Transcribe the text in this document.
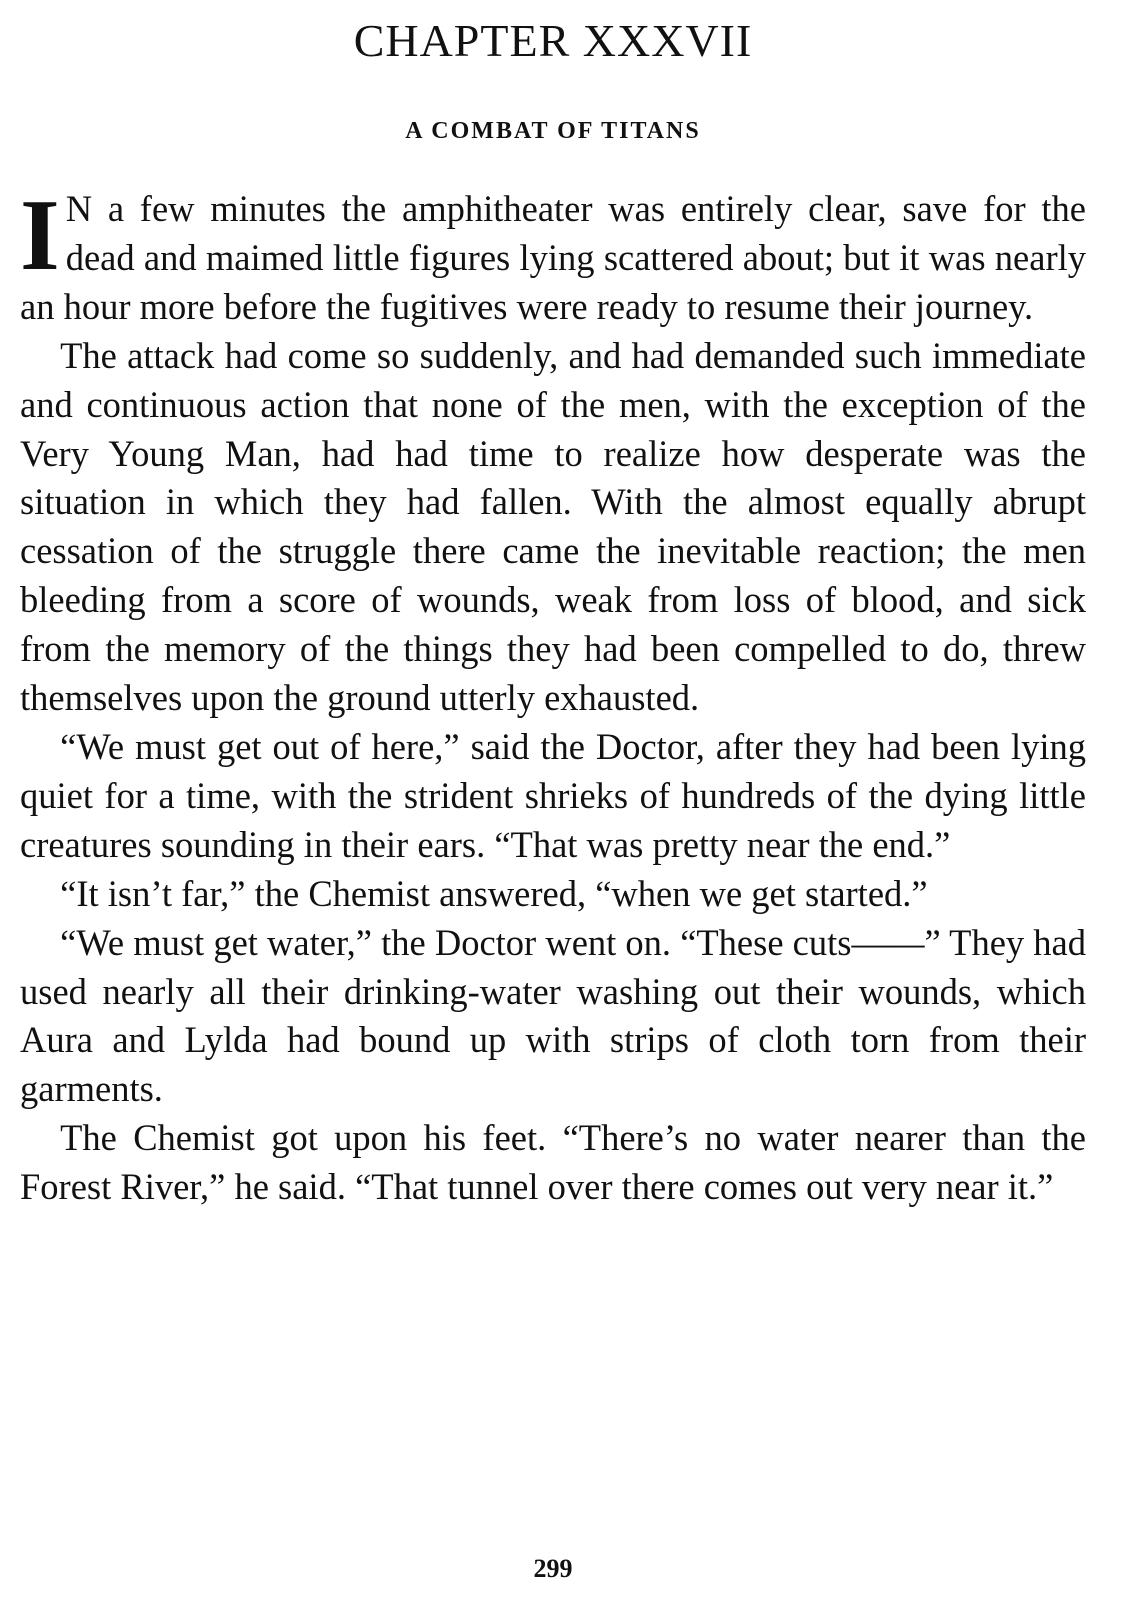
CHAPTER XXXVII
A COMBAT OF TITANS

I N a few minutes the amphitheater was entirely clear, save for the dead and maimed little figures lying scattered about; but it was nearly an hour more before the fugitives were ready to resume their journey.

The attack had come so suddenly, and had demanded such immediate and continuous action that none of the men, with the exception of the Very Young Man, had had time to realize how desperate was the situation in which they had fallen. With the almost equally abrupt cessation of the struggle there came the inevitable reaction; the men bleeding from a score of wounds, weak from loss of blood, and sick from the memory of the things they had been compelled to do, threw themselves upon the ground utterly exhausted.

“We must get out of here,” said the Doctor, after they had been lying quiet for a time, with the strident shrieks of hundreds of the dying little creatures sounding in their ears. “That was pretty near the end.”

“It isn’t far,” the Chemist answered, “when we get started.”

“We must get water,” the Doctor went on. “These cuts——” They had used nearly all their drinking-water washing out their wounds, which Aura and Lylda had bound up with strips of cloth torn from their garments.

The Chemist got upon his feet. “There’s no water nearer than the Forest River,” he said. “That tunnel over there comes out very near it.”

299
